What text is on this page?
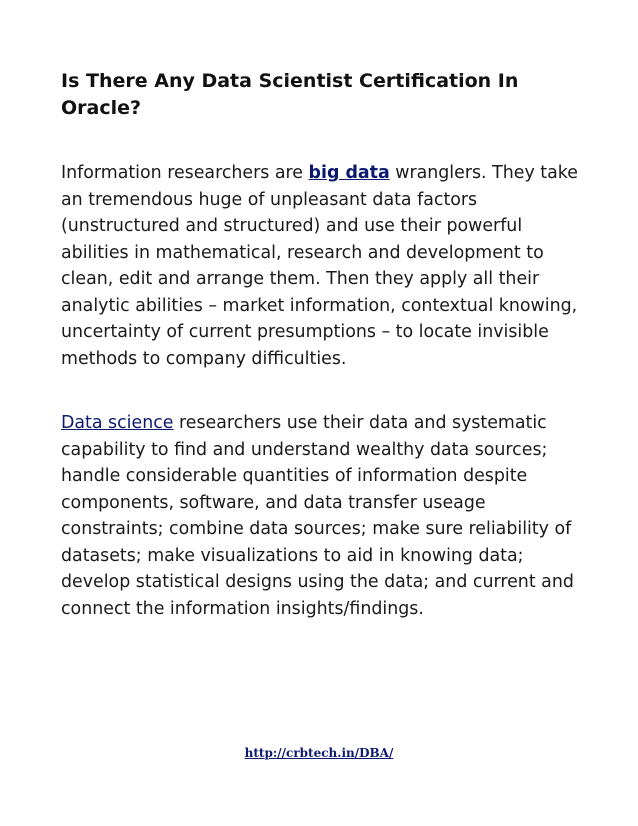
Is There Any Data Scientist Certification In Oracle?

Information researchers are big data wranglers. They take an tremendous huge of unpleasant data factors (unstructured and structured) and use their powerful abilities in mathematical, research and development to clean, edit and arrange them. Then they apply all their analytic abilities – market information, contextual knowing, uncertainty of current presumptions – to locate invisible methods to company difficulties.

Data science researchers use their data and systematic capability to find and understand wealthy data sources; handle considerable quantities of information despite components, software, and data transfer useage constraints; combine data sources; make sure reliability of datasets; make visualizations to aid in knowing data; develop statistical designs using the data; and current and connect the information insights/findings.

http://crbtech.in/DBA/
